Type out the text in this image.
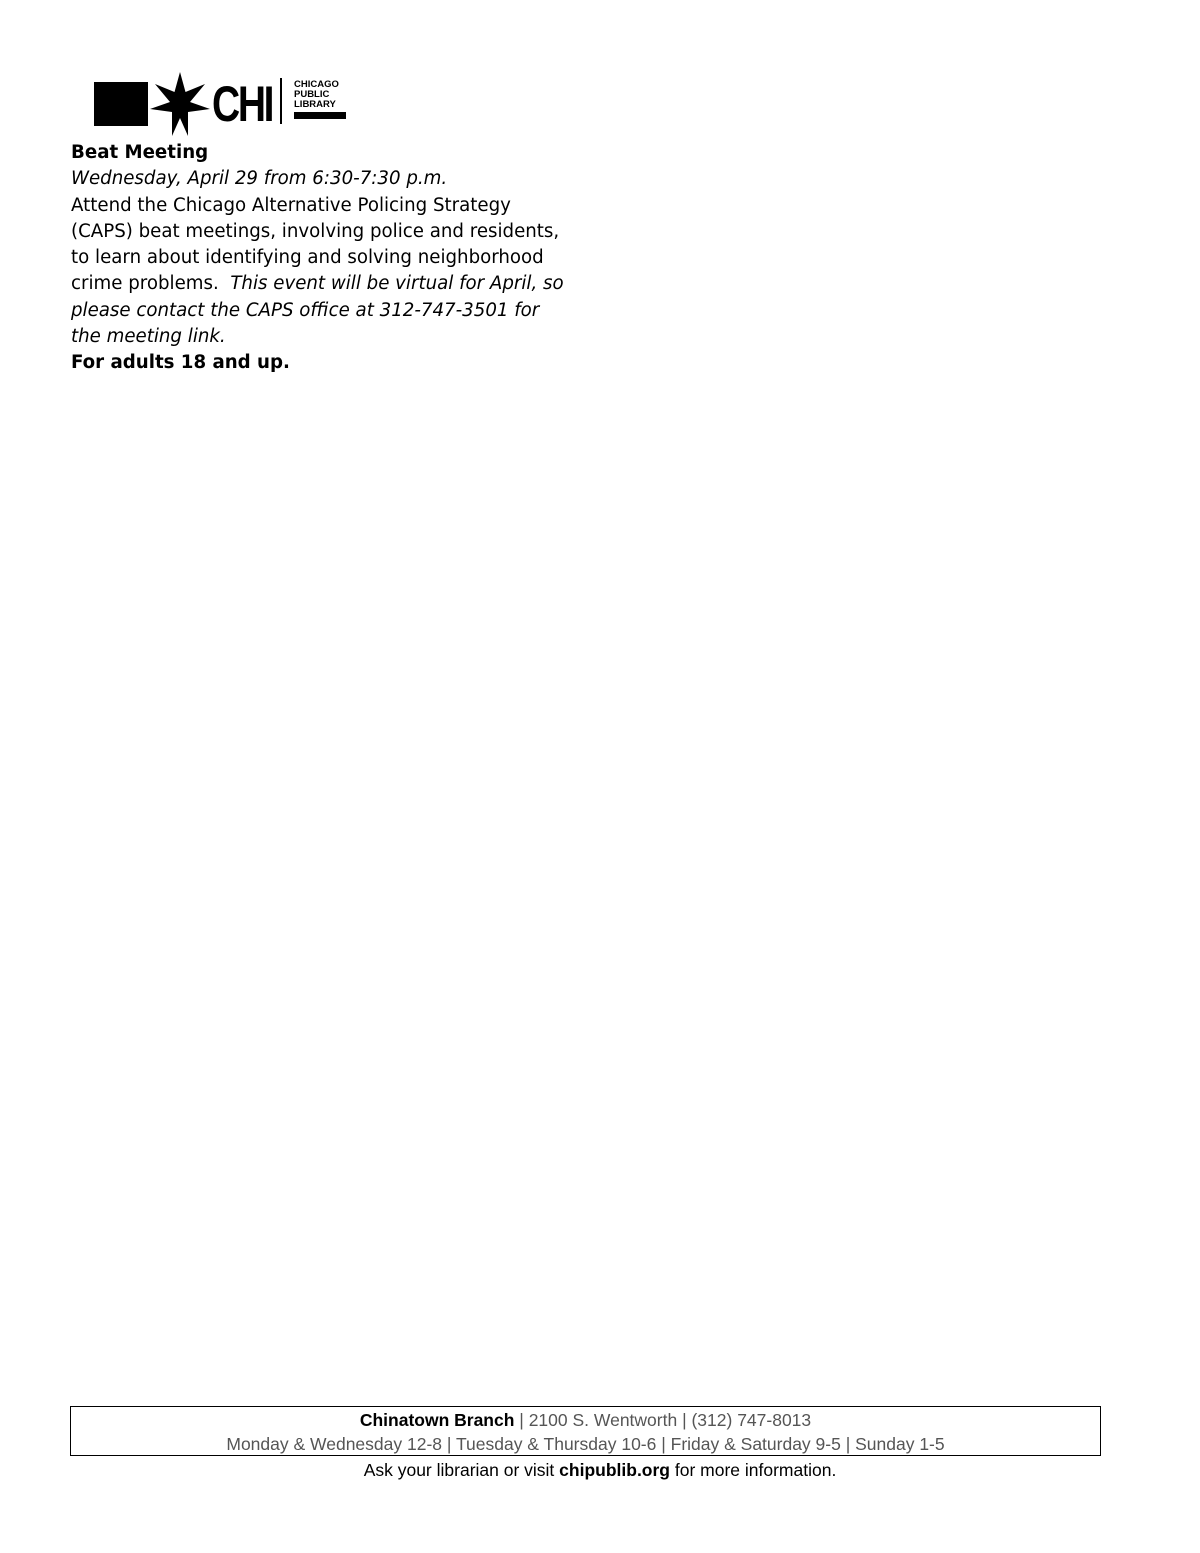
CHI CHICAGO
PUBLIC
LIBRARY

Beat Meeting

Wednesday, April 29 from 6:30-7:30 p.m.

Attend the Chicago Alternative Policing Strategy (CAPS) beat meetings, involving police and residents, to learn about identifying and solving neighborhood crime problems. This event will be virtual for April, so please contact the CAPS office at 312-747-3501 for the meeting link.

For adults 18 and up.

Chinatown Branch | 2100 S. Wentworth | (312) 747-8013
Monday & Wednesday 12-8 | Tuesday & Thursday 10-6 | Friday & Saturday 9-5 | Sunday 1-5
Ask your librarian or visit chipublib.org for more information.
